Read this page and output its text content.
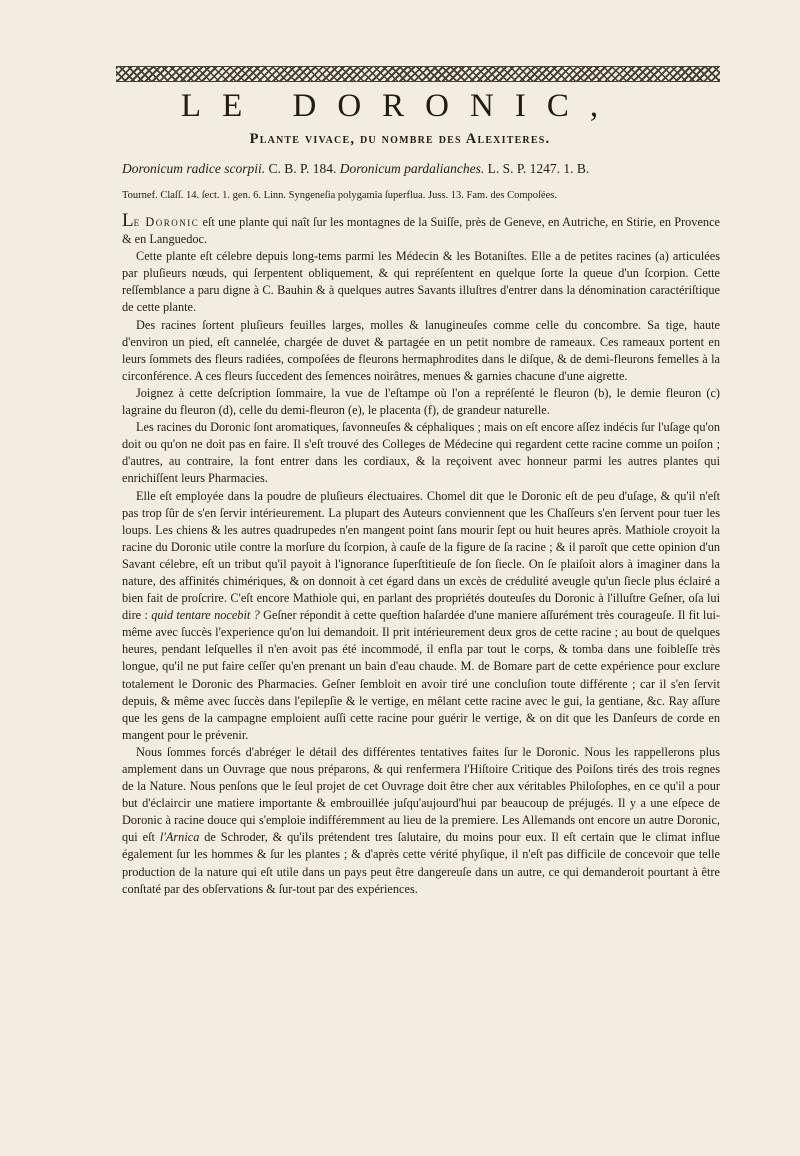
LE DORONIC,
Plante vivace, du nombre des Alexiteres.
Doronicum radice scorpii. C. B. P. 184. Doronicum pardalianches. L. S. P. 1247. 1. B.
Tournef. Claſſ. 14. ſect. 1. gen. 6. Linn. Syngeneſia polygamia ſuperflua. Juss. 13. Fam. des Compoſées.

Le Doronic eſt une plante qui naît ſur les montagnes de la Suiſſe, près de Geneve, en Autriche, en Stirie, en Provence & en Languedoc.

Cette plante eſt célebre depuis long-tems parmi les Médecin & les Botaniſtes. Elle a de petites racines (a) articulées par pluſieurs nœuds, qui ſerpentent obliquement, & qui repréſentent en quelque ſorte la queue d'un ſcorpion. Cette reſſemblance a paru digne à C. Bauhin & à quelques autres Savants illuſtres d'entrer dans la dénomination caractériſtique de cette plante.

Des racines ſortent pluſieurs feuilles larges, molles & lanugineuſes comme celle du concombre. Sa tige, haute d'environ un pied, eſt cannelée, chargée de duvet & partagée en un petit nombre de rameaux. Ces rameaux portent en leurs ſommets des fleurs radiées, compoſées de fleurons hermaphrodites dans le diſque, & de demi-fleurons femelles à la circonférence. A ces fleurs ſuccedent des ſemences noirâtres, menues & garnies chacune d'une aigrette.

Joignez à cette deſcription ſommaire, la vue de l'eſtampe où l'on a repréſenté le fleuron (b), le demie fleuron (c) lagraine du fleuron (d), celle du demi-fleuron (e), le placenta (f), de grandeur naturelle.

Les racines du Doronic ſont aromatiques, ſavonneuſes & céphaliques ; mais on eſt encore aſſez indécis ſur l'uſage qu'on doit ou qu'on ne doit pas en faire. Il s'eſt trouvé des Colleges de Médecine qui regardent cette racine comme un poiſon ; d'autres, au contraire, la font entrer dans les cordiaux, & la reçoivent avec honneur parmi les autres plantes qui enrichiſſent leurs Pharmacies.

Elle eſt employée dans la poudre de pluſieurs électuaires. Chomel dit que le Doronic eſt de peu d'uſage, & qu'il n'eſt pas trop ſûr de s'en ſervir intérieurement. La plupart des Auteurs conviennent que les Chaſſeurs s'en ſervent pour tuer les loups. Les chiens & les autres quadrupedes n'en mangent point ſans mourir ſept ou huit heures après. Mathiole croyoit la racine du Doronic utile contre la morſure du ſcorpion, à cauſe de la figure de ſa racine ; & il paroît que cette opinion d'un Savant célebre, eſt un tribut qu'il payoit à l'ignorance ſuperſtitieuſe de ſon ſiecle. On ſe plaiſoit alors à imaginer dans la nature, des affinités chimériques, & on donnoit à cet égard dans un excès de crédulité aveugle qu'un ſiecle plus éclairé a bien fait de proſcrire. C'eſt encore Mathiole qui, en parlant des propriétés douteuſes du Doronic à l'illuſtre Geſner, oſa lui dire : quid tentare nocebit ? Geſner répondit à cette queſtion haſardée d'une maniere aſſurément très courageuſe. Il fit lui-même avec ſuccès l'experience qu'on lui demandoit. Il prit intérieurement deux gros de cette racine ; au bout de quelques heures, pendant leſquelles il n'en avoit pas été incommodé, il enfla par tout le corps, & tomba dans une foibleſſe très longue, qu'il ne put faire ceſſer qu'en prenant un bain d'eau chaude. M. de Bomare part de cette expérience pour exclure totalement le Doronic des Pharmacies. Geſner ſembloit en avoir tiré une concluſion toute différente ; car il s'en ſervit depuis, & même avec ſuccès dans l'epilepſie & le vertige, en mêlant cette racine avec le gui, la gentiane, &c. Ray aſſure que les gens de la campagne emploient auſſi cette racine pour guérir le vertige, & on dit que les Danſeurs de corde en mangent pour le prévenir.

Nous ſommes forcés d'abréger le détail des différentes tentatives faites ſur le Doronic. Nous les rappellerons plus amplement dans un Ouvrage que nous préparons, & qui renfermera l'Hiſtoire Critique des Poiſons tirés des trois regnes de la Nature. Nous penſons que le ſeul projet de cet Ouvrage doit être cher aux véritables Philoſophes, en ce qu'il a pour but d'éclaircir une matiere importante & embrouillée juſqu'aujourd'hui par beaucoup de préjugés. Il y a une eſpece de Doronic à racine douce qui s'emploie indifféremment au lieu de la premiere. Les Allemands ont encore un autre Doronic, qui eſt l'Arnica de Schroder, & qu'ils prétendent tres ſalutaire, du moins pour eux. Il eſt certain que le climat influe également ſur les hommes & ſur les plantes ; & d'après cette vérité phyſique, il n'eſt pas difficile de concevoir que telle production de la nature qui eſt utile dans un pays peut être dangereuſe dans un autre, ce qui demanderoit pourtant à être conſtaté par des obſervations & ſur-tout par des expériences.
